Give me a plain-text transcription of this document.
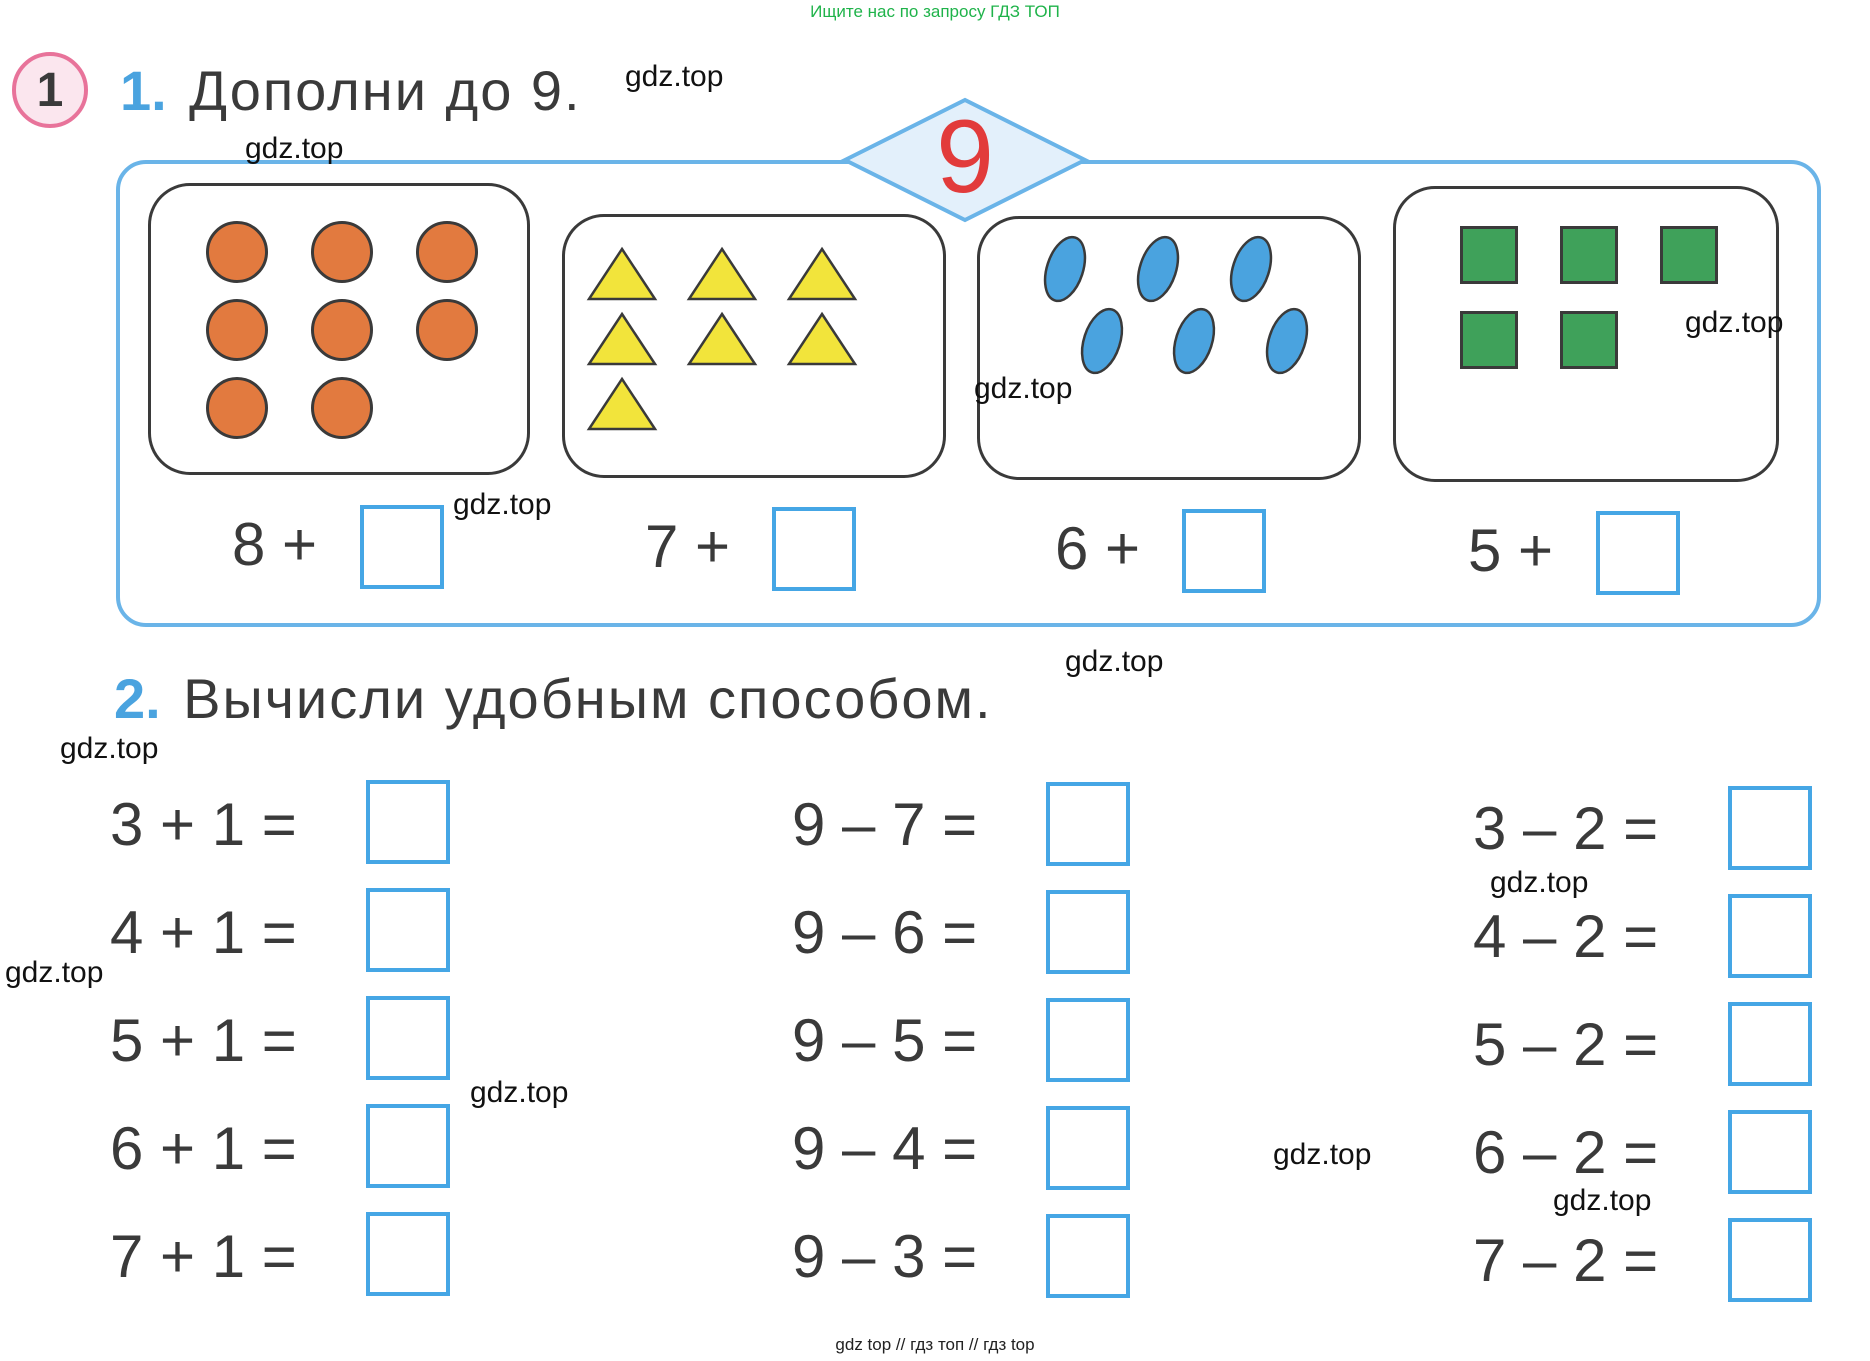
Ищите нас по запросу ГДЗ ТОП
gdz top // гдз топ // гдз top
1	1. Дополни до 9.
9
8 +	7 +	6 +	5 +
2. Вычисли удобным способом.
3 + 1 =
4 + 1 =
5 + 1 =
6 + 1 =
7 + 1 =
9 – 7 =
9 – 6 =
9 – 5 =
9 – 4 =
9 – 3 =
3 – 2 =
4 – 2 =
5 – 2 =
6 – 2 =
7 – 2 =
gdz.top
gdz.top
gdz.top
gdz.top
gdz.top
gdz.top
gdz.top
gdz.top
gdz.top
gdz.top
gdz.top
gdz.top
